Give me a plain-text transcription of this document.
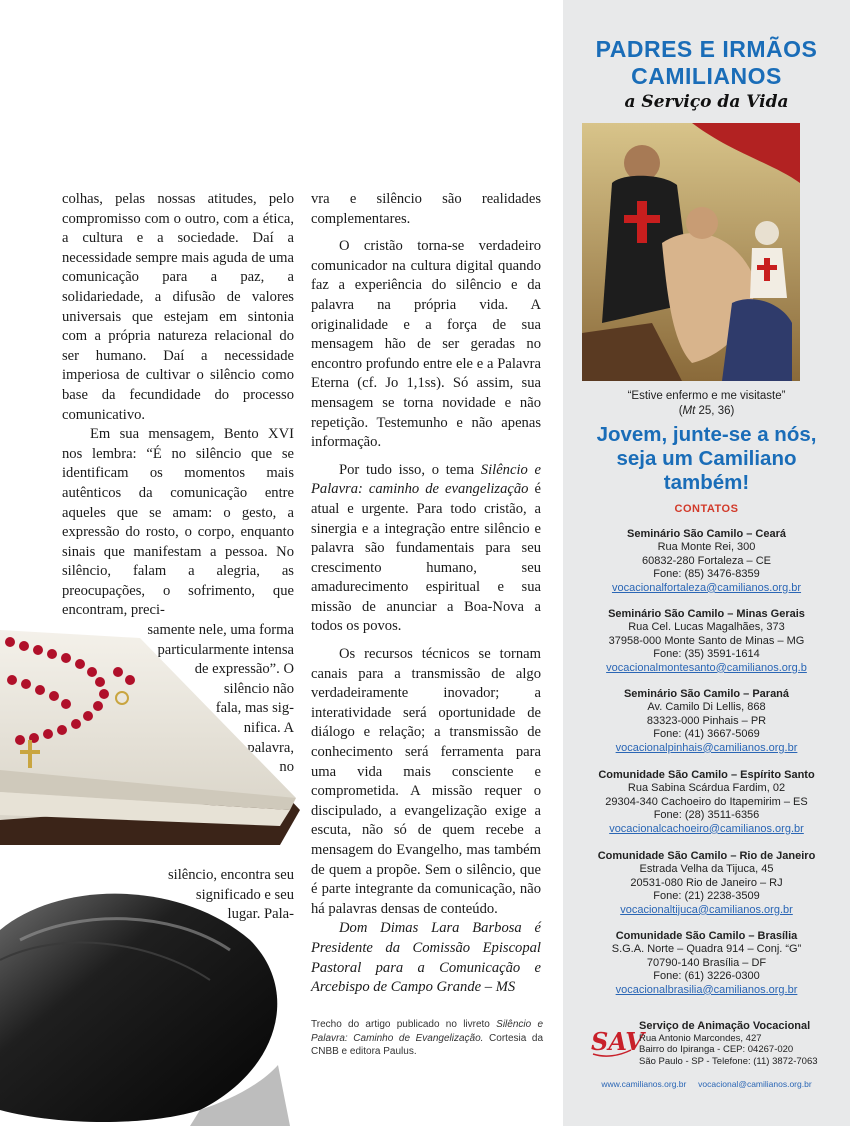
colhas, pelas nossas atitudes, pelo compromisso com o outro, com a ética, a cultura e a sociedade. Daí a necessidade sempre mais aguda de uma comunicação para a paz, a solidariedade, a difusão de valores universais que estejam em sintonia com a própria natureza relacional do ser humano. Daí a necessidade imperiosa de cultivar o silêncio como base da fecundidade do processo comunicativo.

Em sua mensagem, Bento XVI nos lembra: “É no silêncio que se identificam os momentos mais autênticos da comunicação entre aqueles que se amam: o gesto, a expressão do rosto, o corpo, enquanto sinais que manifestam a pessoa. No silêncio, falam a alegria, as preocupações, o sofrimento, que encontram, preci-

samente nele, uma forma
particularmente intensa
de expressão”. O
silêncio não
fala, mas sig-
nifica. A
palavra,
no
silêncio, encontra seu
significado e seu
lugar. Pala-

vra e silêncio são realidades complementares.

O cristão torna-se verdadeiro comunicador na cultura digital quando faz a experiência do silêncio e da palavra na própria vida. A originalidade e a força de sua mensagem hão de ser geradas no encontro profundo entre ele e a Palavra Eterna (cf. Jo 1,1ss). Só assim, sua mensagem se torna novidade e não repetição. Testemunho e não apenas informação.

Por tudo isso, o tema Silêncio e Palavra: caminho de evangelização é atual e urgente. Para todo cristão, a sinergia e a integração entre silêncio e palavra são fundamentais para seu crescimento humano, seu amadurecimento espiritual e sua missão de anunciar a Boa-Nova a todos os povos.

Os recursos técnicos se tornam canais para a transmissão de algo verdadeiramente inovador; a interatividade será oportunidade de diálogo e relação; a transmissão de conhecimento será ferramenta para uma vida mais consciente e comprometida. A missão requer o discipulado, a evangelização exige a escuta, não só de quem recebe a mensagem do Evangelho, mas também de quem a propõe. Sem o silêncio, que é parte integrante da comunicação, não há palavras densas de conteúdo.

Dom Dimas Lara Barbosa é Presidente da Comissão Episcopal Pastoral para a Comunicação e Arcebispo de Campo Grande – MS

Trecho do artigo publicado no livreto Silêncio e Palavra: Caminho de Evangelização. Cortesia da CNBB e editora Paulus.
PADRES E IRMÃOS
CAMILIANOS
a Serviço da Vida
“Estive enfermo e me visitaste”
(Mt 25, 36)
Jovem, junte-se a nós,
seja um Camiliano
também!
CONTATOS
Seminário São Camilo – Ceará
Rua Monte Rei, 300
60832-280 Fortaleza – CE
Fone: (85) 3476-8359
vocacionalfortaleza@camilianos.org.br
Seminário São Camilo – Minas Gerais
Rua Cel. Lucas Magalhães, 373
37958-000 Monte Santo de Minas – MG
Fone: (35) 3591-1614
vocacionalmontesanto@camilianos.org.b
Seminário São Camilo – Paraná
Av. Camilo Di Lellis, 868
83323-000 Pinhais – PR
Fone: (41) 3667-5069
vocacionalpinhais@camilianos.org.br
Comunidade São Camilo – Espírito Santo
Rua Sabina Scárdua Fardim, 02
29304-340 Cachoeiro do Itapemirim – ES
Fone: (28) 3511-6356
vocacionalcachoeiro@camilianos.org.br
Comunidade São Camilo – Rio de Janeiro
Estrada Velha da Tijuca, 45
20531-080 Rio de Janeiro – RJ
Fone: (21) 2238-3509
vocacionaltijuca@camilianos.org.br
Comunidade São Camilo – Brasília
S.G.A. Norte – Quadra 914 – Conj. “G”
70790-140 Brasília – DF
Fone: (61) 3226-0300
vocacionalbrasilia@camilianos.org.br
SAV
Serviço de Animação Vocacional
Rua Antonio Marcondes, 427
Bairro do Ipiranga - CEP: 04267-020
São Paulo - SP - Telefone: (11) 3872-7063
www.camilianos.org.br     vocacional@camilianos.org.br
